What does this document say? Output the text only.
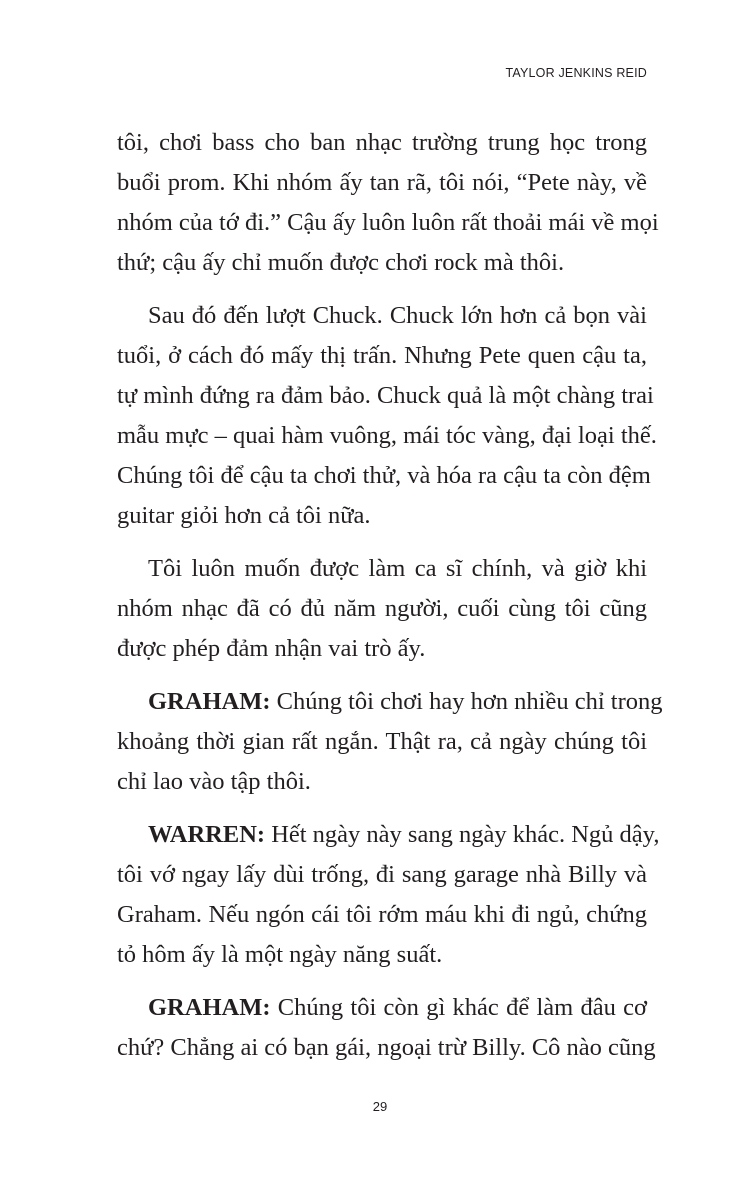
TAYLOR JENKINS REID
tôi, chơi bass cho ban nhạc trường trung học trong
buổi prom. Khi nhóm ấy tan rã, tôi nói, “Pete này, về
nhóm của tớ đi.” Cậu ấy luôn luôn rất thoải mái về mọi
thứ; cậu ấy chỉ muốn được chơi rock mà thôi.
Sau đó đến lượt Chuck. Chuck lớn hơn cả bọn vài
tuổi, ở cách đó mấy thị trấn. Nhưng Pete quen cậu ta,
tự mình đứng ra đảm bảo. Chuck quả là một chàng trai
mẫu mực – quai hàm vuông, mái tóc vàng, đại loại thế.
Chúng tôi để cậu ta chơi thử, và hóa ra cậu ta còn đệm
guitar giỏi hơn cả tôi nữa.
Tôi luôn muốn được làm ca sĩ chính, và giờ khi
nhóm nhạc đã có đủ năm người, cuối cùng tôi cũng
được phép đảm nhận vai trò ấy.
GRAHAM: Chúng tôi chơi hay hơn nhiều chỉ trong
khoảng thời gian rất ngắn. Thật ra, cả ngày chúng tôi
chỉ lao vào tập thôi.
WARREN: Hết ngày này sang ngày khác. Ngủ dậy,
tôi vớ ngay lấy dùi trống, đi sang garage nhà Billy và
Graham. Nếu ngón cái tôi rớm máu khi đi ngủ, chứng
tỏ hôm ấy là một ngày năng suất.
GRAHAM: Chúng tôi còn gì khác để làm đâu cơ
chứ? Chẳng ai có bạn gái, ngoại trừ Billy. Cô nào cũng
29
